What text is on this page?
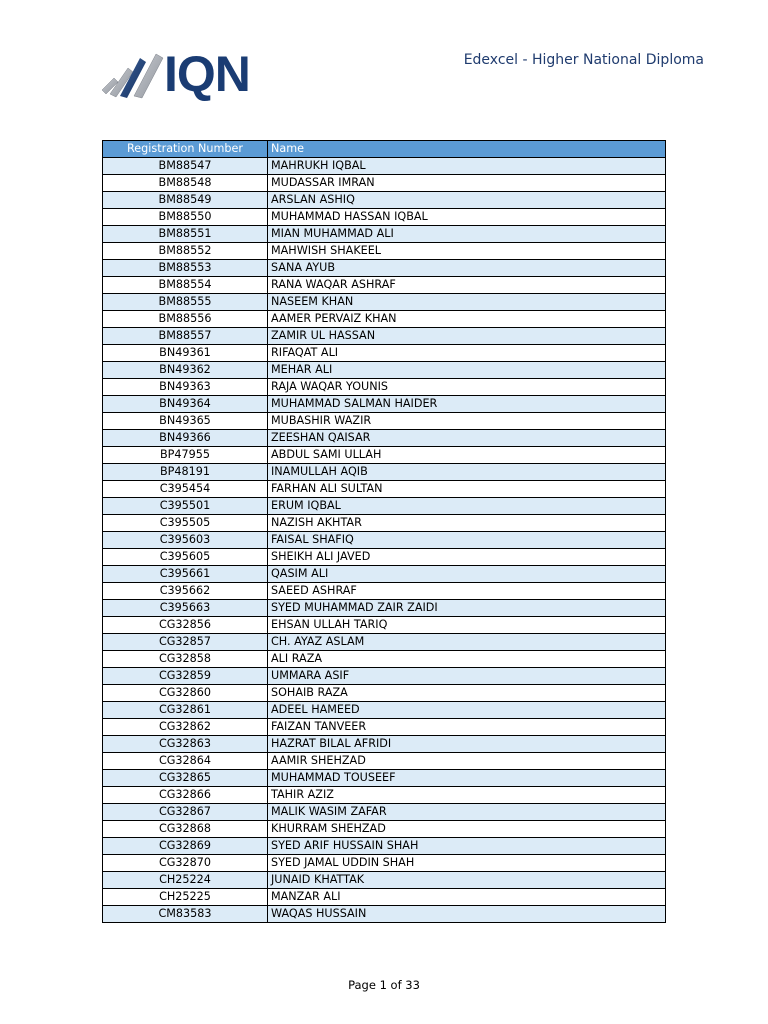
IQN	Edexcel - Higher National Diploma
Registration Number	Name
BM88547	MAHRUKH IQBAL
BM88548	MUDASSAR IMRAN
BM88549	ARSLAN ASHIQ
BM88550	MUHAMMAD HASSAN IQBAL
BM88551	MIAN MUHAMMAD ALI
BM88552	MAHWISH SHAKEEL
BM88553	SANA AYUB
BM88554	RANA WAQAR ASHRAF
BM88555	NASEEM KHAN
BM88556	AAMER PERVAIZ KHAN
BM88557	ZAMIR UL HASSAN
BN49361	RIFAQAT ALI
BN49362	MEHAR ALI
BN49363	RAJA WAQAR YOUNIS
BN49364	MUHAMMAD SALMAN HAIDER
BN49365	MUBASHIR WAZIR
BN49366	ZEESHAN QAISAR
BP47955	ABDUL SAMI ULLAH
BP48191	INAMULLAH AQIB
C395454	FARHAN ALI SULTAN
C395501	ERUM IQBAL
C395505	NAZISH AKHTAR
C395603	FAISAL SHAFIQ
C395605	SHEIKH ALI JAVED
C395661	QASIM ALI
C395662	SAEED ASHRAF
C395663	SYED MUHAMMAD ZAIR ZAIDI
CG32856	EHSAN ULLAH TARIQ
CG32857	CH. AYAZ ASLAM
CG32858	ALI RAZA
CG32859	UMMARA ASIF
CG32860	SOHAIB RAZA
CG32861	ADEEL HAMEED
CG32862	FAIZAN TANVEER
CG32863	HAZRAT BILAL AFRIDI
CG32864	AAMIR SHEHZAD
CG32865	MUHAMMAD TOUSEEF
CG32866	TAHIR AZIZ
CG32867	MALIK WASIM ZAFAR
CG32868	KHURRAM SHEHZAD
CG32869	SYED ARIF HUSSAIN SHAH
CG32870	SYED JAMAL UDDIN SHAH
CH25224	JUNAID KHATTAK
CH25225	MANZAR ALI
CM83583	WAQAS HUSSAIN
Page 1 of 33
